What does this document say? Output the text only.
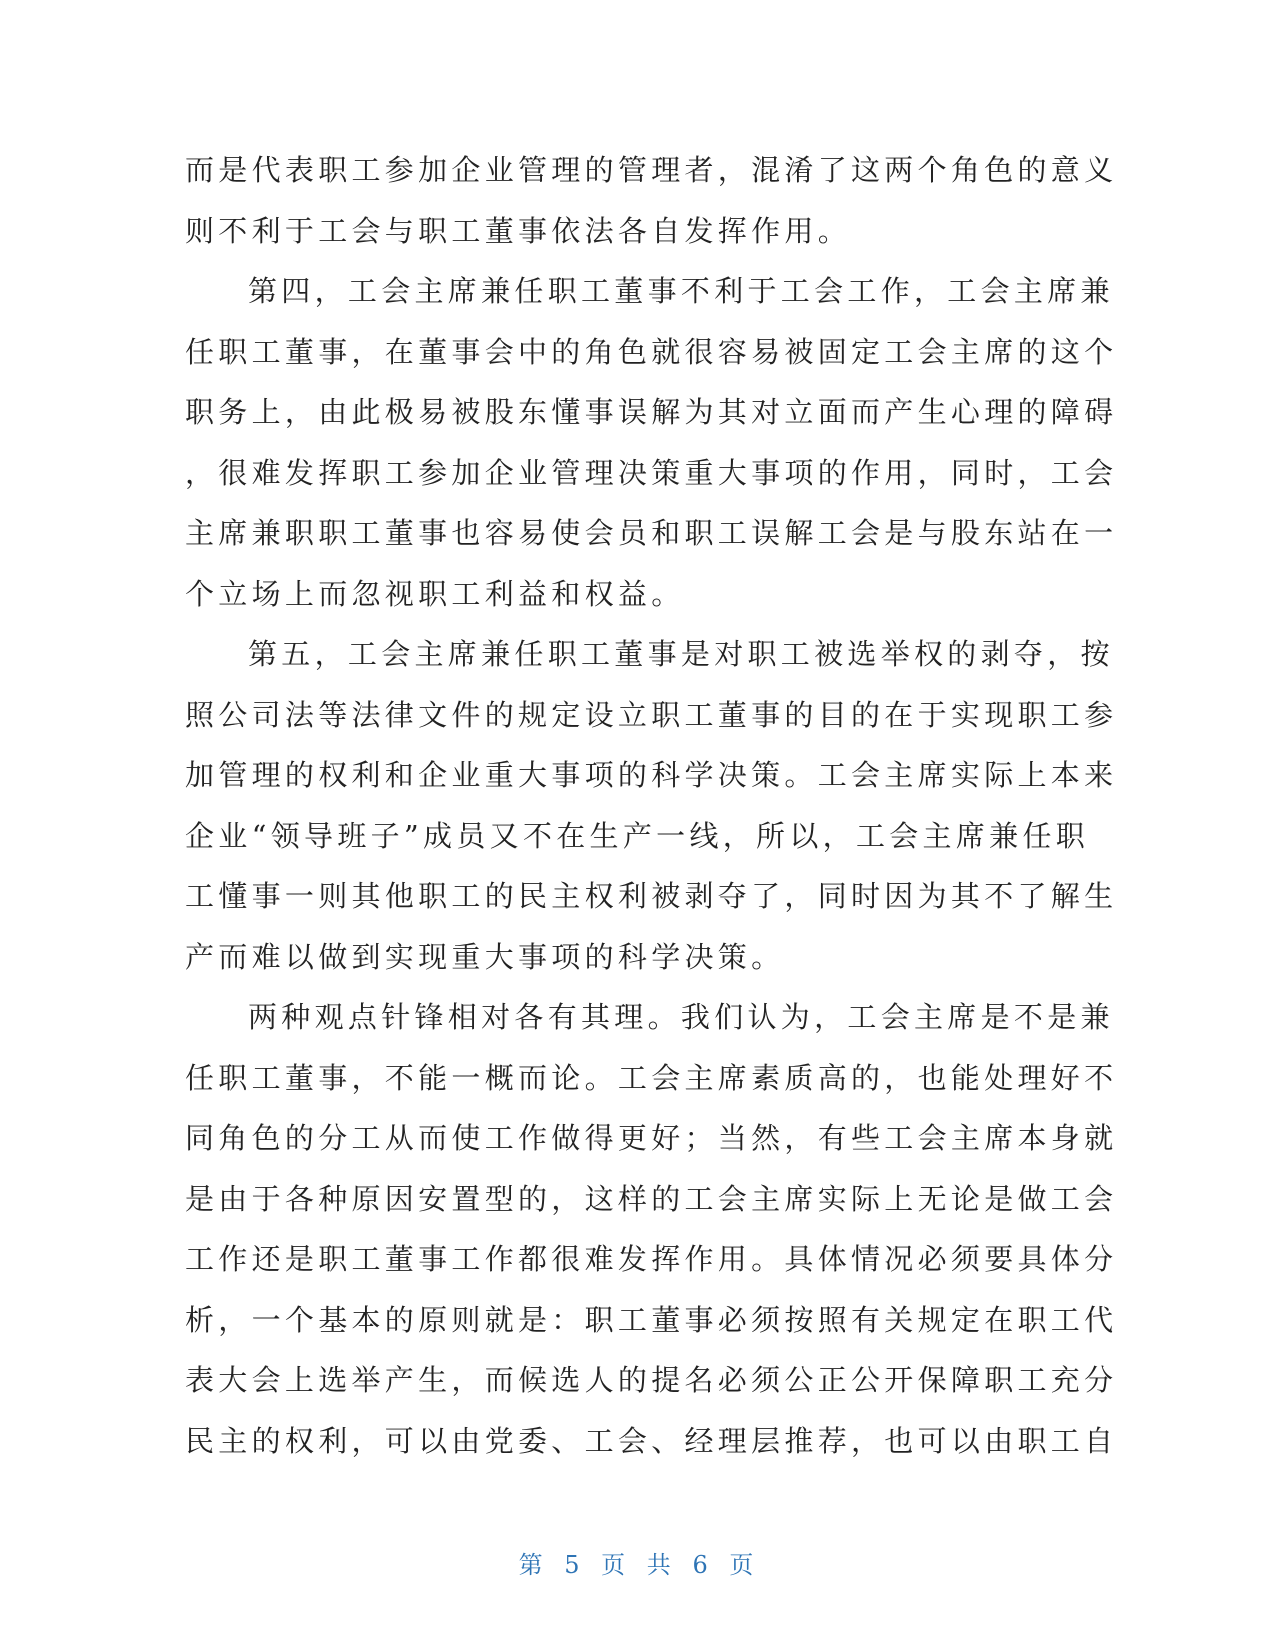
而是代表职工参加企业管理的管理者，混淆了这两个角色的意义
则不利于工会与职工董事依法各自发挥作用。
第四，工会主席兼任职工董事不利于工会工作，工会主席兼
任职工董事，在董事会中的角色就很容易被固定工会主席的这个
职务上，由此极易被股东懂事误解为其对立面而产生心理的障碍
，很难发挥职工参加企业管理决策重大事项的作用，同时，工会
主席兼职职工董事也容易使会员和职工误解工会是与股东站在一
个立场上而忽视职工利益和权益。
第五，工会主席兼任职工董事是对职工被选举权的剥夺，按
照公司法等法律文件的规定设立职工董事的目的在于实现职工参
加管理的权利和企业重大事项的科学决策。工会主席实际上本来
企业“领导班子”成员又不在生产一线，所以，工会主席兼任职
工懂事一则其他职工的民主权利被剥夺了，同时因为其不了解生
产而难以做到实现重大事项的科学决策。
两种观点针锋相对各有其理。我们认为，工会主席是不是兼
任职工董事，不能一概而论。工会主席素质高的，也能处理好不
同角色的分工从而使工作做得更好；当然，有些工会主席本身就
是由于各种原因安置型的，这样的工会主席实际上无论是做工会
工作还是职工董事工作都很难发挥作用。具体情况必须要具体分
析，一个基本的原则就是：职工董事必须按照有关规定在职工代
表大会上选举产生，而候选人的提名必须公正公开保障职工充分
民主的权利，可以由党委、工会、经理层推荐，也可以由职工自
第 5 页 共 6 页
